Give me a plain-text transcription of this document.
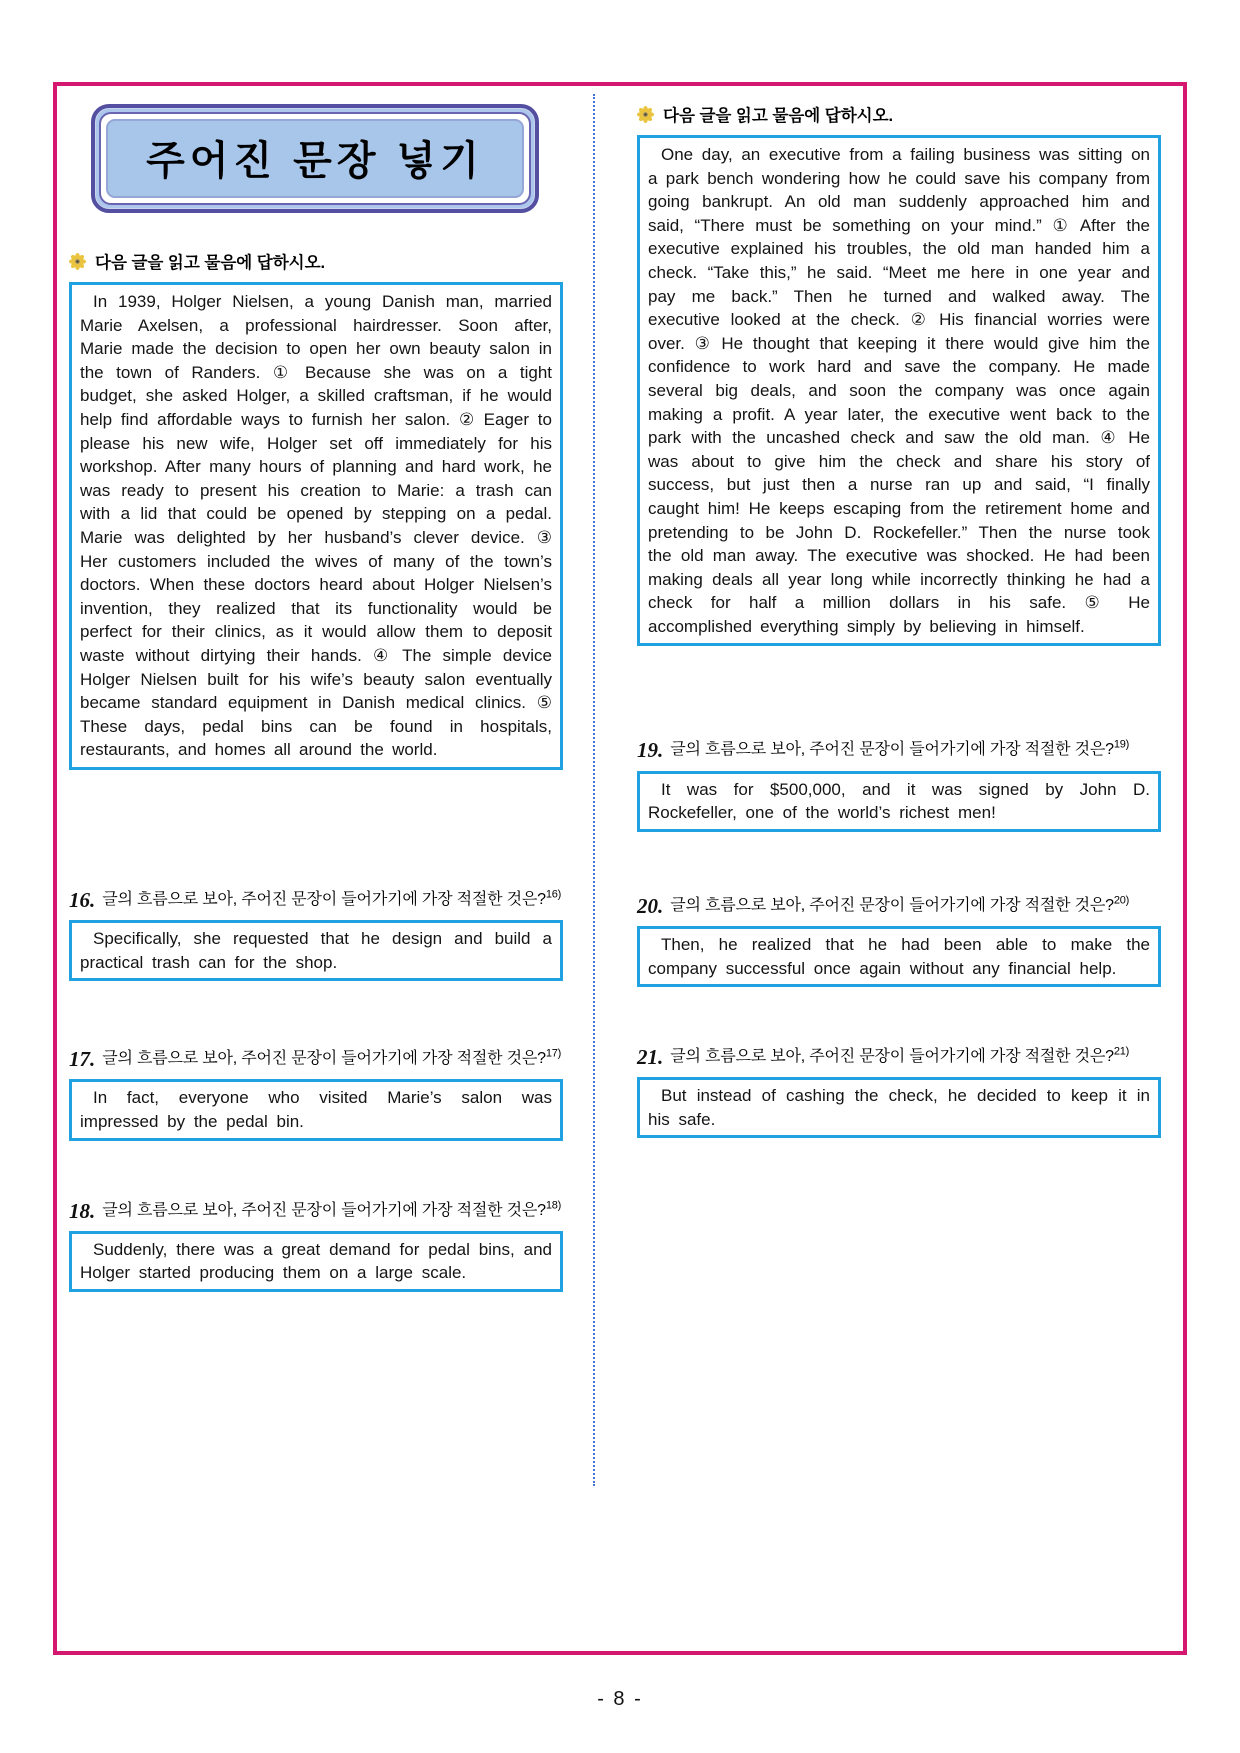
주어진 문장 넣기
다음 글을 읽고 물음에 답하시오.

In 1939, Holger Nielsen, a young Danish man, married Marie Axelsen, a professional hairdresser. Soon after, Marie made the decision to open her own beauty salon in the town of Randers. ① Because she was on a tight budget, she asked Holger, a skilled craftsman, if he would help find affordable ways to furnish her salon. ② Eager to please his new wife, Holger set off immediately for his workshop. After many hours of planning and hard work, he was ready to present his creation to Marie: a trash can with a lid that could be opened by stepping on a pedal. Marie was delighted by her husband’s clever device. ③ Her customers included the wives of many of the town’s doctors. When these doctors heard about Holger Nielsen’s invention, they realized that its functionality would be perfect for their clinics, as it would allow them to deposit waste without dirtying their hands. ④ The simple device Holger Nielsen built for his wife’s beauty salon eventually became standard equipment in Danish medical clinics. ⑤ These days, pedal bins can be found in hospitals, restaurants, and homes all around the world.

16. 글의 흐름으로 보아, 주어진 문장이 들어가기에 가장 적절한 것은?$^{16)}$

Specifically, she requested that he design and build a practical trash can for the shop.

17. 글의 흐름으로 보아, 주어진 문장이 들어가기에 가장 적절한 것은?$^{17)}$

In fact, everyone who visited Marie’s salon was impressed by the pedal bin.

18. 글의 흐름으로 보아, 주어진 문장이 들어가기에 가장 적절한 것은?$^{18)}$

Suddenly, there was a great demand for pedal bins, and Holger started producing them on a large scale.

다음 글을 읽고 물음에 답하시오.

One day, an executive from a failing business was sitting on a park bench wondering how he could save his company from going bankrupt. An old man suddenly approached him and said, “There must be something on your mind.” ① After the executive explained his troubles, the old man handed him a check. “Take this,” he said. “Meet me here in one year and pay me back.” Then he turned and walked away. The executive looked at the check. ② His financial worries were over. ③ He thought that keeping it there would give him the confidence to work hard and save the company. He made several big deals, and soon the company was once again making a profit. A year later, the executive went back to the park with the uncashed check and saw the old man. ④ He was about to give him the check and share his story of success, but just then a nurse ran up and said, “I finally caught him! He keeps escaping from the retirement home and pretending to be John D. Rockefeller.” Then the nurse took the old man away. The executive was shocked. He had been making deals all year long while incorrectly thinking he had a check for half a million dollars in his safe. ⑤ He accomplished everything simply by believing in himself.

19. 글의 흐름으로 보아, 주어진 문장이 들어가기에 가장 적절한 것은?$^{19)}$

It was for $500,000, and it was signed by John D. Rockefeller, one of the world’s richest men!

20. 글의 흐름으로 보아, 주어진 문장이 들어가기에 가장 적절한 것은?$^{20)}$

Then, he realized that he had been able to make the company successful once again without any financial help.

21. 글의 흐름으로 보아, 주어진 문장이 들어가기에 가장 적절한 것은?$^{21)}$

But instead of cashing the check, he decided to keep it in his safe.

- 8 -
